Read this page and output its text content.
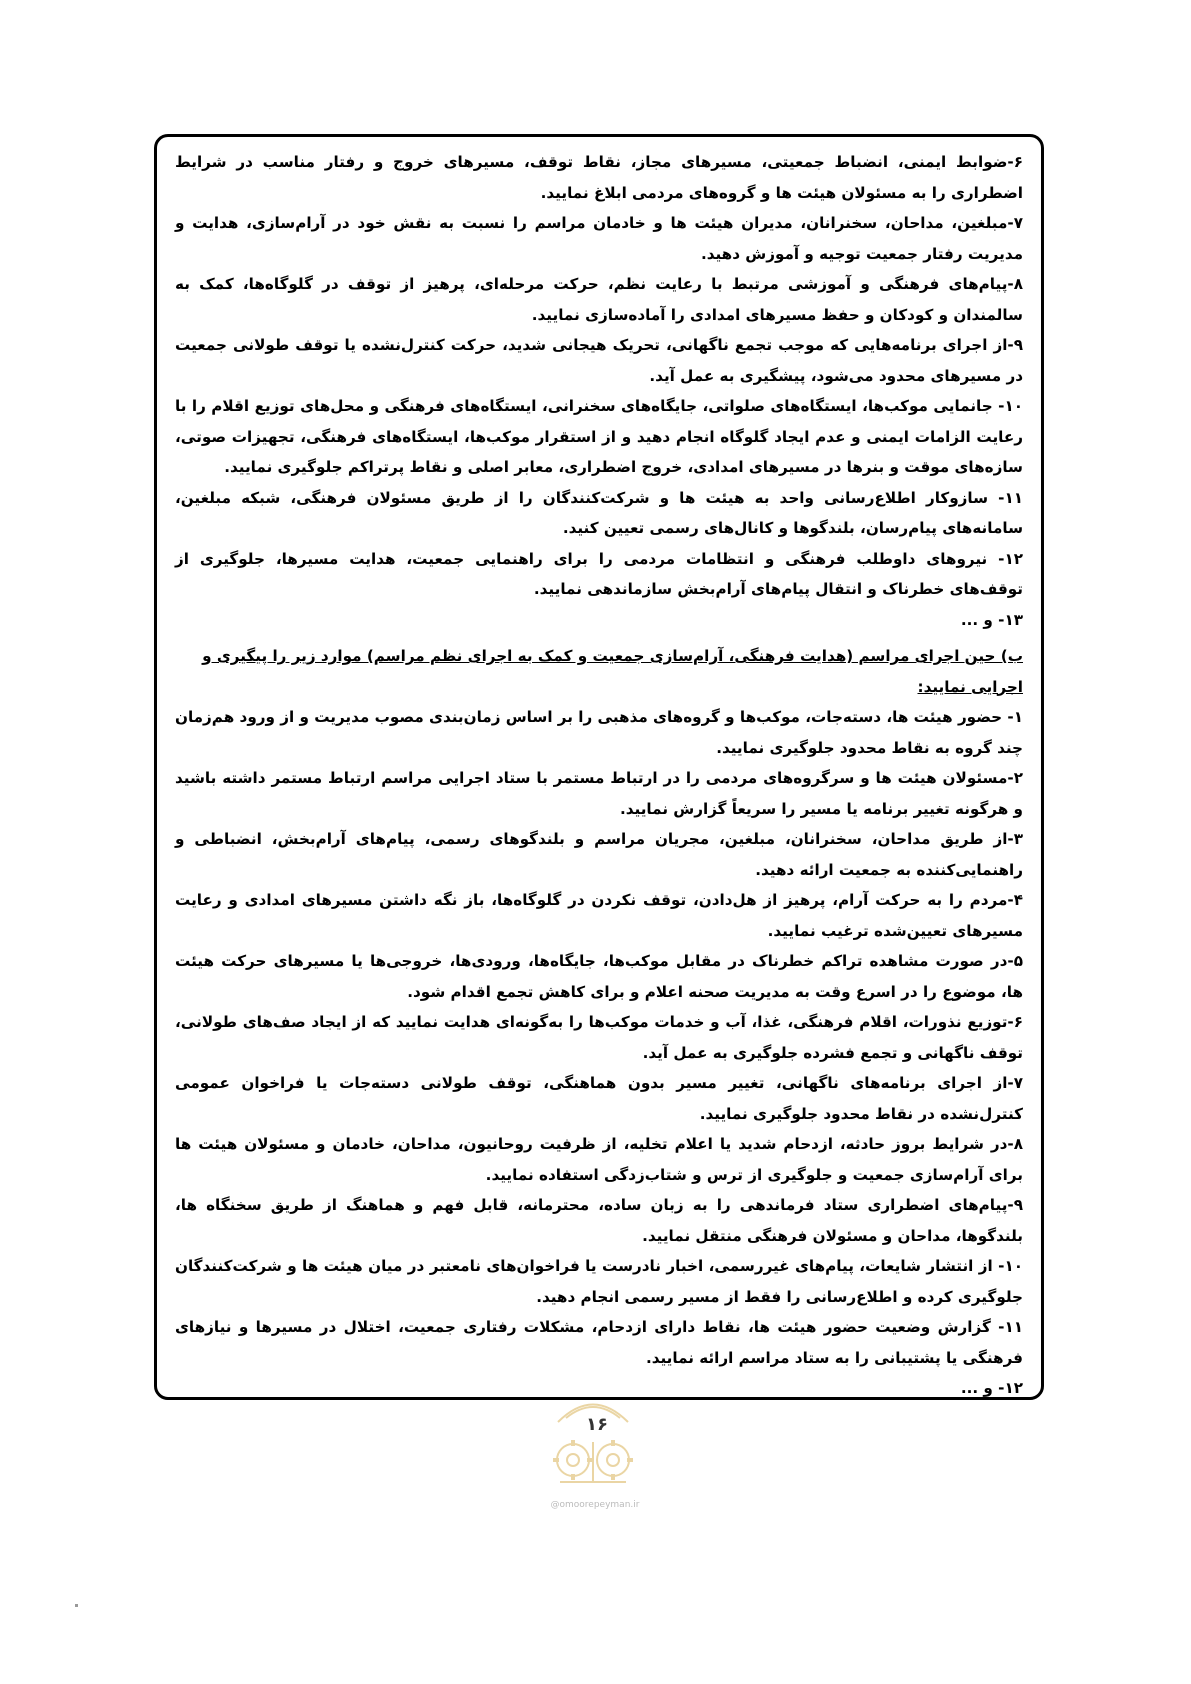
۶-ضوابط ایمنی، انضباط جمعیتی، مسیرهای مجاز، نقاط توقف، مسیرهای خروج و رفتار مناسب در شرایط اضطراری را به مسئولان هیئت ها و گروه‌های مردمی ابلاغ نمایید.

۷-مبلغین، مداحان، سخنرانان، مدیران هیئت ها و خادمان مراسم را نسبت به نقش خود در آرام‌سازی، هدایت و مدیریت رفتار جمعیت توجیه و آموزش دهید.

۸-پیام‌های فرهنگی و آموزشی مرتبط با رعایت نظم، حرکت مرحله‌ای، پرهیز از توقف در گلوگاه‌ها، کمک به سالمندان و کودکان و حفظ مسیرهای امدادی را آماده‌سازی نمایید.

۹-از اجرای برنامه‌هایی که موجب تجمع ناگهانی، تحریک هیجانی شدید، حرکت کنترل‌نشده یا توقف طولانی جمعیت در مسیرهای محدود می‌شود، پیشگیری به عمل آید.

۱۰- جانمایی موکب‌ها، ایستگاه‌های صلواتی، جایگاه‌های سخنرانی، ایستگاه‌های فرهنگی و محل‌های توزیع اقلام را با رعایت الزامات ایمنی و عدم ایجاد گلوگاه انجام دهید و از استقرار موکب‌ها، ایستگاه‌های فرهنگی، تجهیزات صوتی، سازه‌های موقت و بنرها در مسیرهای امدادی، خروج اضطراری، معابر اصلی و نقاط پرتراکم جلوگیری نمایید.

۱۱- سازوکار اطلاع‌رسانی واحد به هیئت ها و شرکت‌کنندگان را از طریق مسئولان فرهنگی، شبکه مبلغین، سامانه‌های پیام‌رسان، بلندگوها و کانال‌های رسمی تعیین کنید.

۱۲- نیروهای داوطلب فرهنگی و انتظامات مردمی را برای راهنمایی جمعیت، هدایت مسیرها، جلوگیری از توقف‌های خطرناک و انتقال پیام‌های آرام‌بخش سازماندهی نمایید.

۱۳- و ...

ب) حین اجرای مراسم (هدایت فرهنگی، آرام‌سازی جمعیت و کمک به اجرای نظم مراسم) موارد زیر را پیگیری و اجرایی نمایید:

۱- حضور هیئت ها، دسته‌جات، موکب‌ها و گروه‌های مذهبی را بر اساس زمان‌بندی مصوب مدیریت و از ورود هم‌زمان چند گروه به نقاط محدود جلوگیری نمایید.

۲-مسئولان هیئت ها و سرگروه‌های مردمی را در ارتباط مستمر با ستاد اجرایی مراسم ارتباط مستمر داشته باشید و هرگونه تغییر برنامه یا مسیر را سریعاً گزارش نمایید.

۳-از طریق مداحان، سخنرانان، مبلغین، مجریان مراسم و بلندگوهای رسمی، پیام‌های آرام‌بخش، انضباطی و راهنمایی‌کننده به جمعیت ارائه دهید.

۴-مردم را به حرکت آرام، پرهیز از هل‌دادن، توقف نکردن در گلوگاه‌ها، باز نگه داشتن مسیرهای امدادی و رعایت مسیرهای تعیین‌شده ترغیب نمایید.

۵-در صورت مشاهده تراکم خطرناک در مقابل موکب‌ها، جایگاه‌ها، ورودی‌ها، خروجی‌ها یا مسیرهای حرکت هیئت ها، موضوع را در اسرع وقت به مدیریت صحنه اعلام و برای کاهش تجمع اقدام شود.

۶-توزیع نذورات، اقلام فرهنگی، غذا، آب و خدمات موکب‌ها را به‌گونه‌ای هدایت نمایید که از ایجاد صف‌های طولانی، توقف ناگهانی و تجمع فشرده جلوگیری به عمل آید.

۷-از اجرای برنامه‌های ناگهانی، تغییر مسیر بدون هماهنگی، توقف طولانی دسته‌جات یا فراخوان عمومی کنترل‌نشده در نقاط محدود جلوگیری نمایید.

۸-در شرایط بروز حادثه، ازدحام شدید یا اعلام تخلیه، از ظرفیت روحانیون، مداحان، خادمان و مسئولان هیئت ها برای آرام‌سازی جمعیت و جلوگیری از ترس و شتاب‌زدگی استفاده نمایید.

۹-پیام‌های اضطراری ستاد فرماندهی را به زبان ساده، محترمانه، قابل فهم و هماهنگ از طریق سخنگاه ها، بلندگوها، مداحان و مسئولان فرهنگی منتقل نمایید.

۱۰- از انتشار شایعات، پیام‌های غیررسمی، اخبار نادرست یا فراخوان‌های نامعتبر در میان هیئت ها و شرکت‌کنندگان جلوگیری کرده و اطلاع‌رسانی را فقط از مسیر رسمی انجام دهید.

۱۱- گزارش وضعیت حضور هیئت ها، نقاط دارای ازدحام، مشکلات رفتاری جمعیت، اختلال در مسیرها و نیازهای فرهنگی یا پشتیبانی را به ستاد مراسم ارائه نمایید.

۱۲- و ...

۱۶
@omoorepeyman.ir
